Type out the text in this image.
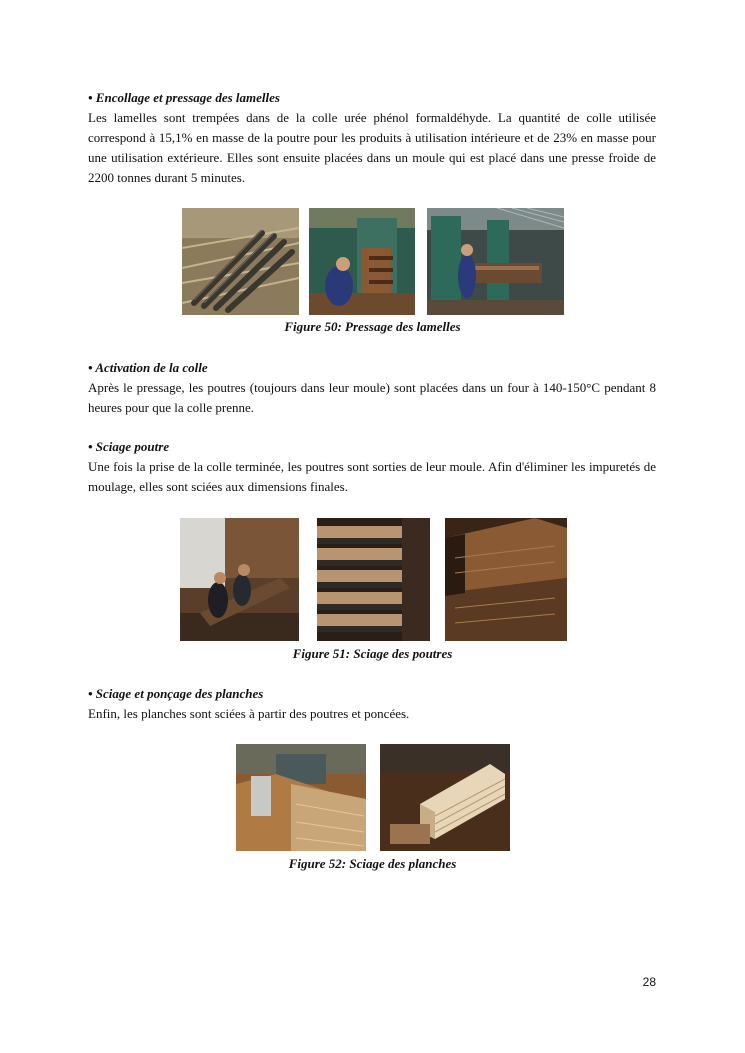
• Encollage et pressage des lamelles
Les lamelles sont trempées dans de la colle urée phénol formaldéhyde. La quantité de colle utilisée correspond à 15,1% en masse de la poutre pour les produits à utilisation intérieure et de 23% en masse pour une utilisation extérieure. Elles sont ensuite placées dans un moule qui est placé dans une presse froide de 2200 tonnes durant 5 minutes.
Figure 50: Pressage des lamelles
• Activation de la colle
Après le pressage, les poutres (toujours dans leur moule) sont placées dans un four à 140-150°C pendant 8 heures pour que la colle prenne.
• Sciage poutre
Une fois la prise de la colle terminée, les poutres sont sorties de leur moule. Afin d'éliminer les impuretés de moulage, elles sont sciées aux dimensions finales.
Figure 51: Sciage des poutres
• Sciage et ponçage des planches
Enfin, les planches sont sciées à partir des poutres et poncées.
Figure 52: Sciage des planches
28
